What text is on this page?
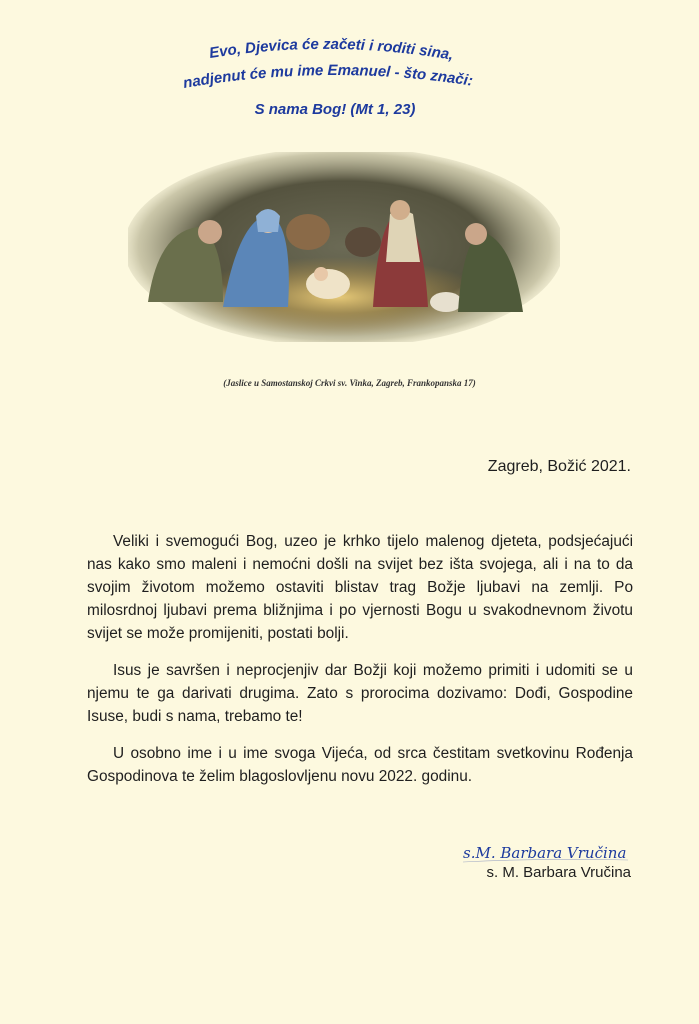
Evo, Djevica će začeti i roditi sina,
nadjenut će mu ime Emanuel - što znači:
S nama Bog! (Mt 1, 23)
(Jaslice u Samostanskoj Crkvi sv. Vinka, Zagreb, Frankopanska 17)
Zagreb, Božić 2021.

Veliki i svemogući Bog, uzeo je krhko tijelo malenog djeteta, podsjećajući nas kako smo maleni i nemoćni došli na svijet bez išta svojega, ali i na to da svojim životom možemo ostaviti blistav trag Božje ljubavi na zemlji. Po milosrdnoj ljubavi prema bližnjima i po vjernosti Bogu u svakodnevnom životu svijet se može promijeniti, postati bolji.

Isus je savršen i neprocjenjiv dar Božji koji možemo primiti i udomiti se u njemu te ga darivati drugima. Zato s prorocima dozivamo: Dođi, Gospodine Isuse, budi s nama, trebamo te!

U osobno ime i u ime svoga Vijeća, od srca čestitam svetkovinu Rođenja Gospodinova te želim blagoslovljenu novu 2022. godinu.

s.M. Barbara Vručina
s. M. Barbara Vručina
